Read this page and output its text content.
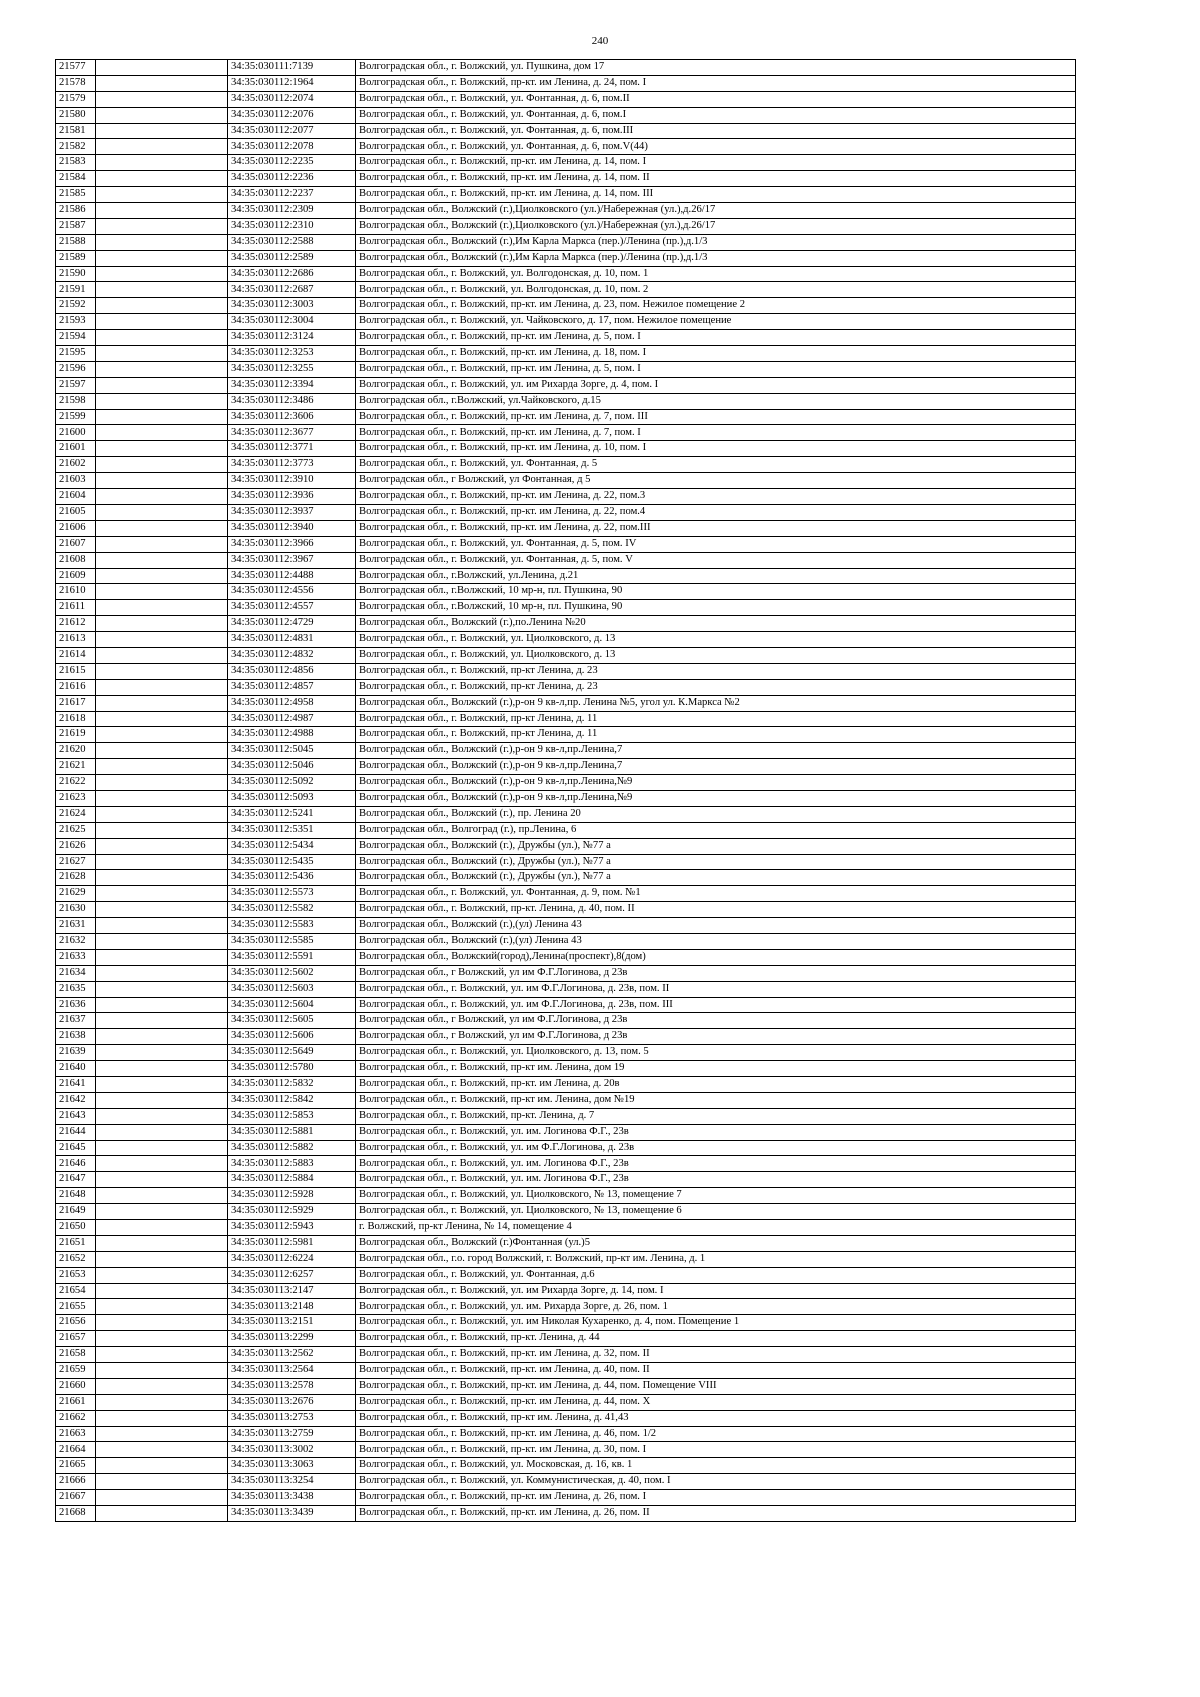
240
21577		34:35:030111:7139	Волгоградская обл., г. Волжский, ул. Пушкина, дом 17
21578		34:35:030112:1964	Волгоградская обл., г. Волжский, пр-кт. им Ленина, д. 24, пом. I
21579		34:35:030112:2074	Волгоградская обл., г. Волжский, ул. Фонтанная, д. 6, пом.II
21580		34:35:030112:2076	Волгоградская обл., г. Волжский, ул. Фонтанная, д. 6, пом.I
21581		34:35:030112:2077	Волгоградская обл., г. Волжский, ул. Фонтанная, д. 6, пом.III
21582		34:35:030112:2078	Волгоградская обл., г. Волжский, ул. Фонтанная, д. 6, пом.V(44)
21583		34:35:030112:2235	Волгоградская обл., г. Волжский, пр-кт. им Ленина, д. 14, пом. I
21584		34:35:030112:2236	Волгоградская обл., г. Волжский, пр-кт. им Ленина, д. 14, пом. II
21585		34:35:030112:2237	Волгоградская обл., г. Волжский, пр-кт. им Ленина, д. 14, пом. III
21586		34:35:030112:2309	Волгоградская обл., Волжский (г.),Циолковского (ул.)/Набережная (ул.),д.26/17
21587		34:35:030112:2310	Волгоградская обл., Волжский (г.),Циолковского (ул.)/Набережная (ул.),д.26/17
21588		34:35:030112:2588	Волгоградская обл., Волжский (г.),Им Карла Маркса (пер.)/Ленина (пр.),д.1/3
21589		34:35:030112:2589	Волгоградская обл., Волжский (г.),Им Карла Маркса (пер.)/Ленина (пр.),д.1/3
21590		34:35:030112:2686	Волгоградская обл., г. Волжский, ул. Волгодонская, д. 10, пом. 1
21591		34:35:030112:2687	Волгоградская обл., г. Волжский, ул. Волгодонская, д. 10, пом. 2
21592		34:35:030112:3003	Волгоградская обл., г. Волжский, пр-кт. им Ленина, д. 23, пом. Нежилое помещение 2
21593		34:35:030112:3004	Волгоградская обл., г. Волжский, ул. Чайковского, д. 17, пом. Нежилое помещение
21594		34:35:030112:3124	Волгоградская обл., г. Волжский, пр-кт. им Ленина, д. 5, пом. I
21595		34:35:030112:3253	Волгоградская обл., г. Волжский, пр-кт. им Ленина, д. 18, пом. I
21596		34:35:030112:3255	Волгоградская обл., г. Волжский, пр-кт. им Ленина, д. 5, пом. I
21597		34:35:030112:3394	Волгоградская обл., г. Волжский, ул. им Рихарда Зорге, д. 4, пом. I
21598		34:35:030112:3486	Волгоградская обл., г.Волжский, ул.Чайковского, д.15
21599		34:35:030112:3606	Волгоградская обл., г. Волжский, пр-кт. им Ленина, д. 7, пом. III
21600		34:35:030112:3677	Волгоградская обл., г. Волжский, пр-кт. им Ленина, д. 7, пом. I
21601		34:35:030112:3771	Волгоградская обл., г. Волжский, пр-кт. им Ленина, д. 10, пом. I
21602		34:35:030112:3773	Волгоградская обл., г. Волжский, ул. Фонтанная, д. 5
21603		34:35:030112:3910	Волгоградская обл., г Волжский, ул Фонтанная, д 5
21604		34:35:030112:3936	Волгоградская обл., г. Волжский, пр-кт. им Ленина, д. 22, пом.3
21605		34:35:030112:3937	Волгоградская обл., г. Волжский, пр-кт. им Ленина, д. 22, пом.4
21606		34:35:030112:3940	Волгоградская обл., г. Волжский, пр-кт. им Ленина, д. 22, пом.III
21607		34:35:030112:3966	Волгоградская обл., г. Волжский, ул. Фонтанная, д. 5, пом. IV
21608		34:35:030112:3967	Волгоградская обл., г. Волжский, ул. Фонтанная, д. 5, пом. V
21609		34:35:030112:4488	Волгоградская обл., г.Волжский, ул.Ленина, д.21
21610		34:35:030112:4556	Волгоградская обл., г.Волжский, 10 мр-н, пл. Пушкина, 90
21611		34:35:030112:4557	Волгоградская обл., г.Волжский, 10 мр-н, пл. Пушкина, 90
21612		34:35:030112:4729	Волгоградская обл., Волжский (г.),по.Ленина №20
21613		34:35:030112:4831	Волгоградская обл., г. Волжский, ул. Циолковского, д. 13
21614		34:35:030112:4832	Волгоградская обл., г. Волжский, ул. Циолковского, д. 13
21615		34:35:030112:4856	Волгоградская обл., г. Волжский, пр-кт Ленина, д. 23
21616		34:35:030112:4857	Волгоградская обл., г. Волжский, пр-кт Ленина, д. 23
21617		34:35:030112:4958	Волгоградская обл., Волжский (г.),р-он 9 кв-л,пр. Ленина №5, угол ул. К.Маркса №2
21618		34:35:030112:4987	Волгоградская обл., г. Волжский, пр-кт Ленина, д. 11
21619		34:35:030112:4988	Волгоградская обл., г. Волжский, пр-кт Ленина, д. 11
21620		34:35:030112:5045	Волгоградская обл., Волжский (г.),р-он 9 кв-л,пр.Ленина,7
21621		34:35:030112:5046	Волгоградская обл., Волжский (г.),р-он 9 кв-л,пр.Ленина,7
21622		34:35:030112:5092	Волгоградская обл., Волжский (г.),р-он 9 кв-л,пр.Ленина,№9
21623		34:35:030112:5093	Волгоградская обл., Волжский (г.),р-он 9 кв-л,пр.Ленина,№9
21624		34:35:030112:5241	Волгоградская обл., Волжский (г.), пр. Ленина 20
21625		34:35:030112:5351	Волгоградская обл., Волгоград (г.), пр.Ленина, 6
21626		34:35:030112:5434	Волгоградская обл., Волжский (г.), Дружбы (ул.), №77 а
21627		34:35:030112:5435	Волгоградская обл., Волжский (г.), Дружбы (ул.), №77 а
21628		34:35:030112:5436	Волгоградская обл., Волжский (г.), Дружбы (ул.), №77 а
21629		34:35:030112:5573	Волгоградская обл., г. Волжский, ул. Фонтанная, д. 9, пом. №1
21630		34:35:030112:5582	Волгоградская обл., г. Волжский, пр-кт. Ленина, д. 40, пом. II
21631		34:35:030112:5583	Волгоградская обл., Волжский (г.),(ул) Ленина 43
21632		34:35:030112:5585	Волгоградская обл., Волжский (г.),(ул) Ленина 43
21633		34:35:030112:5591	Волгоградская обл., Волжский(город),Ленина(проспект),8(дом)
21634		34:35:030112:5602	Волгоградская обл., г Волжский, ул им Ф.Г.Логинова, д 23в
21635		34:35:030112:5603	Волгоградская обл., г. Волжский, ул. им Ф.Г.Логинова, д. 23в, пом. II
21636		34:35:030112:5604	Волгоградская обл., г. Волжский, ул. им Ф.Г.Логинова, д. 23в, пом. III
21637		34:35:030112:5605	Волгоградская обл., г Волжский, ул им Ф.Г.Логинова, д 23в
21638		34:35:030112:5606	Волгоградская обл., г Волжский, ул им Ф.Г.Логинова, д 23в
21639		34:35:030112:5649	Волгоградская обл., г. Волжский, ул. Циолковского, д. 13, пом. 5
21640		34:35:030112:5780	Волгоградская обл., г. Волжский, пр-кт им. Ленина, дом 19
21641		34:35:030112:5832	Волгоградская обл., г. Волжский, пр-кт. им Ленина, д. 20в
21642		34:35:030112:5842	Волгоградская обл., г. Волжский, пр-кт им. Ленина, дом №19
21643		34:35:030112:5853	Волгоградская обл., г. Волжский, пр-кт. Ленина, д. 7
21644		34:35:030112:5881	Волгоградская обл., г. Волжский, ул. им. Логинова Ф.Г., 23в
21645		34:35:030112:5882	Волгоградская обл., г. Волжский, ул. им Ф.Г.Логинова, д. 23в
21646		34:35:030112:5883	Волгоградская обл., г. Волжский, ул. им. Логинова Ф.Г., 23в
21647		34:35:030112:5884	Волгоградская обл., г. Волжский, ул. им. Логинова Ф.Г., 23в
21648		34:35:030112:5928	Волгоградская обл., г. Волжский, ул. Циолковского, № 13, помещение 7
21649		34:35:030112:5929	Волгоградская обл., г. Волжский, ул. Циолковского, № 13, помещение 6
21650		34:35:030112:5943	г. Волжский, пр-кт Ленина, № 14, помещение 4
21651		34:35:030112:5981	Волгоградская обл., Волжский (г.)Фонтанная (ул.)5
21652		34:35:030112:6224	Волгоградская обл., г.о. город Волжский, г. Волжский, пр-кт им. Ленина, д. 1
21653		34:35:030112:6257	Волгоградская обл., г. Волжский, ул. Фонтанная, д.6
21654		34:35:030113:2147	Волгоградская обл., г. Волжский, ул. им Рихарда Зорге, д. 14, пом. I
21655		34:35:030113:2148	Волгоградская обл., г. Волжский, ул. им. Рихарда Зорге, д. 26, пом. 1
21656		34:35:030113:2151	Волгоградская обл., г. Волжский, ул. им Николая Кухаренко, д. 4, пом. Помещение 1
21657		34:35:030113:2299	Волгоградская обл., г. Волжский, пр-кт. Ленина, д. 44
21658		34:35:030113:2562	Волгоградская обл., г. Волжский, пр-кт. им Ленина, д. 32, пом. II
21659		34:35:030113:2564	Волгоградская обл., г. Волжский, пр-кт. им Ленина, д. 40, пом. II
21660		34:35:030113:2578	Волгоградская обл., г. Волжский, пр-кт. им Ленина, д. 44, пом. Помещение VIII
21661		34:35:030113:2676	Волгоградская обл., г. Волжский, пр-кт. им Ленина, д. 44, пом. X
21662		34:35:030113:2753	Волгоградская обл., г. Волжский, пр-кт им. Ленина, д. 41,43
21663		34:35:030113:2759	Волгоградская обл., г. Волжский, пр-кт. им Ленина, д. 46, пом. 1/2
21664		34:35:030113:3002	Волгоградская обл., г. Волжский, пр-кт. им Ленина, д. 30, пом. I
21665		34:35:030113:3063	Волгоградская обл., г. Волжский, ул. Московская, д. 16, кв. 1
21666		34:35:030113:3254	Волгоградская обл., г. Волжский, ул. Коммунистическая, д. 40, пом. I
21667		34:35:030113:3438	Волгоградская обл., г. Волжский, пр-кт. им Ленина, д. 26, пом. I
21668		34:35:030113:3439	Волгоградская обл., г. Волжский, пр-кт. им Ленина, д. 26, пом. II
